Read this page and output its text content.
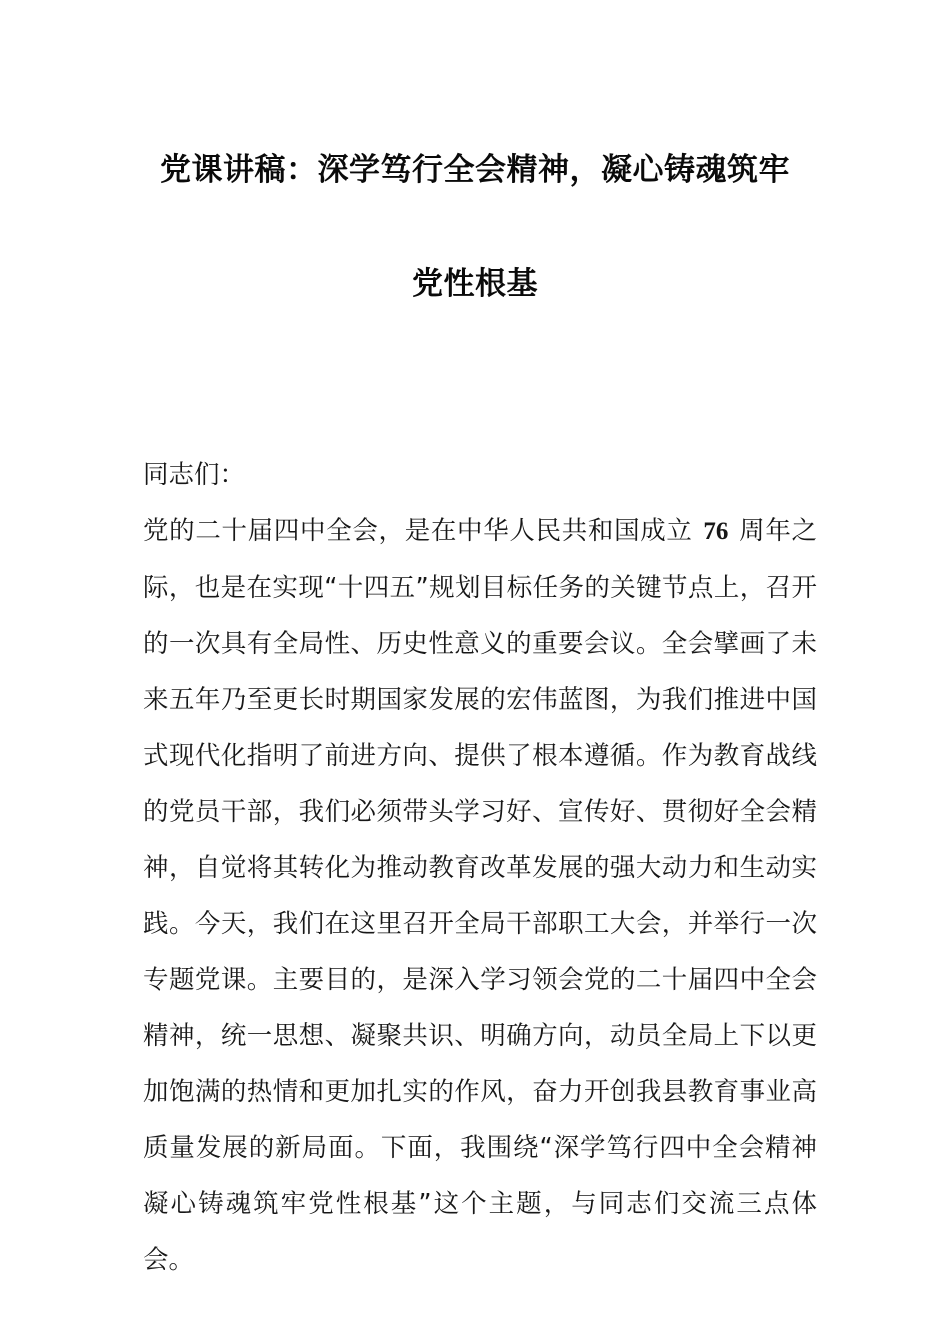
党课讲稿：深学笃行全会精神，凝心铸魂筑牢
党性根基
同志们：
党的二十届四中全会，是在中华人民共和国成立 76 周年之际，也是在实现“十四五”规划目标任务的关键节点上，召开的一次具有全局性、历史性意义的重要会议。全会擘画了未来五年乃至更长时期国家发展的宏伟蓝图，为我们推进中国式现代化指明了前进方向、提供了根本遵循。作为教育战线的党员干部，我们必须带头学习好、宣传好、贯彻好全会精神，自觉将其转化为推动教育改革发展的强大动力和生动实践。今天，我们在这里召开全局干部职工大会，并举行一次专题党课。主要目的，是深入学习领会党的二十届四中全会精神，统一思想、凝聚共识、明确方向，动员全局上下以更加饱满的热情和更加扎实的作风，奋力开创我县教育事业高质量发展的新局面。下面，我围绕“深学笃行四中全会精神凝心铸魂筑牢党性根基”这个主题，与同志们交流三点体会。
